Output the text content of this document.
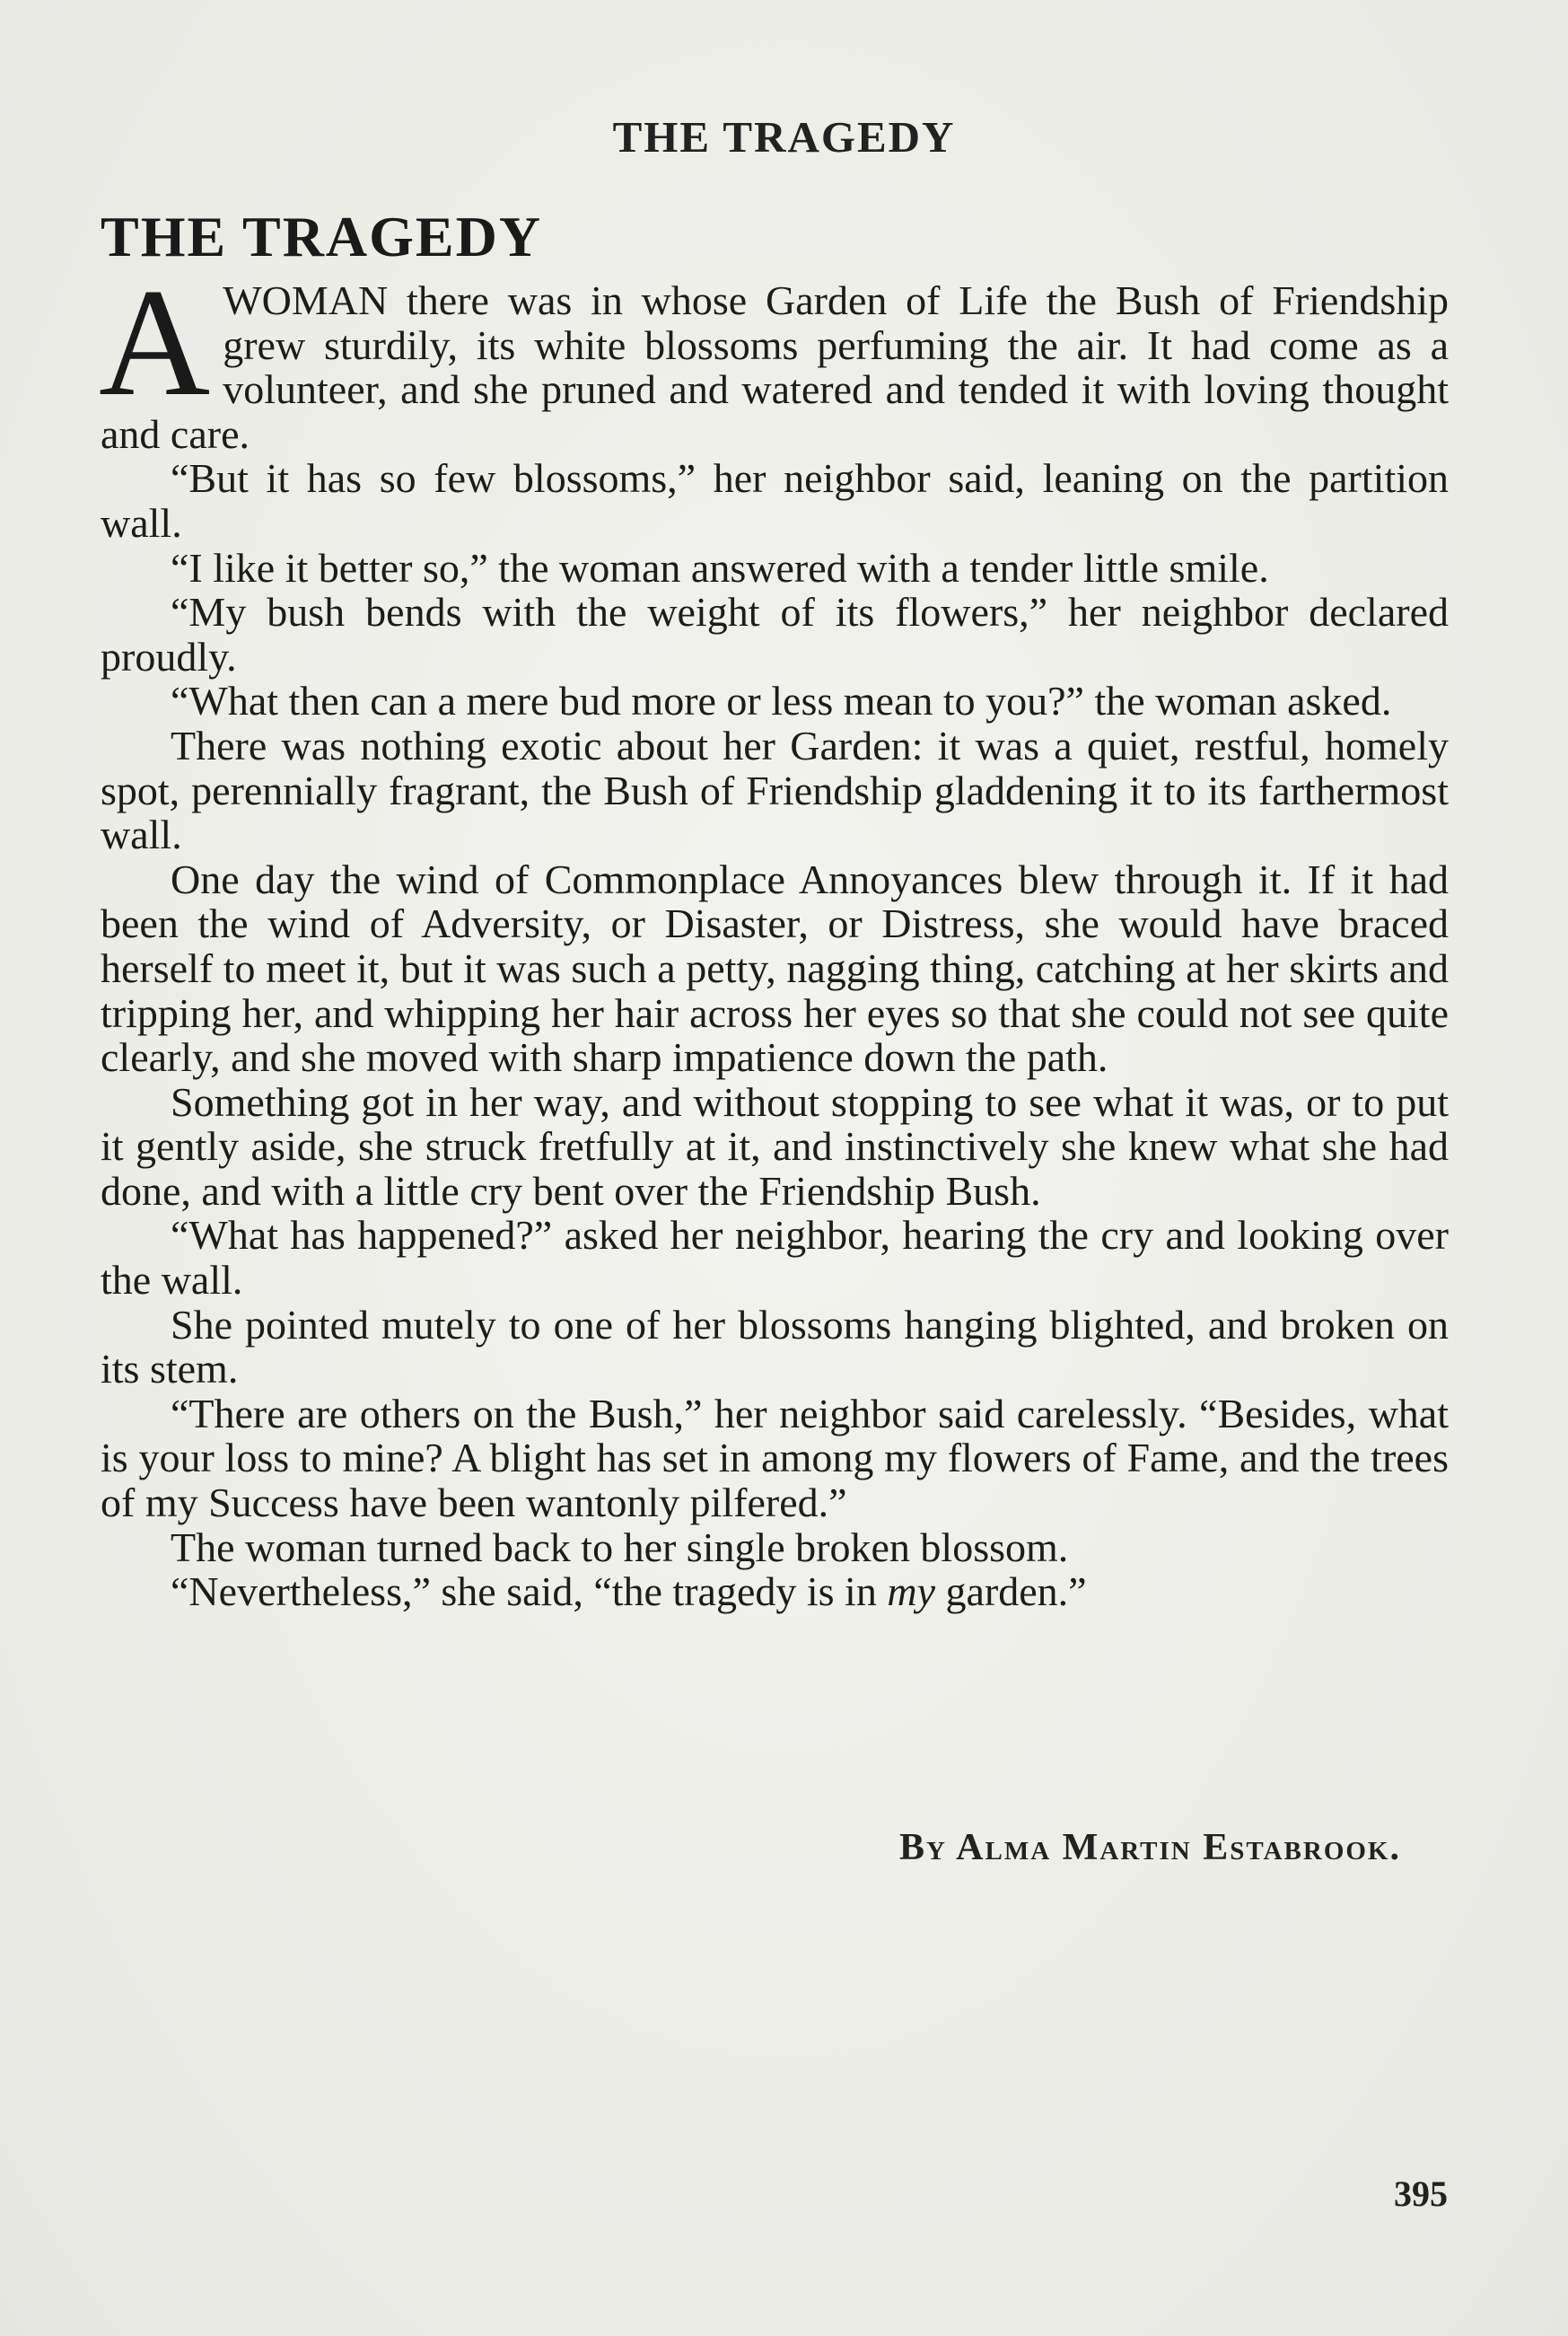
THE TRAGEDY
THE TRAGEDY

AWOMAN there was in whose Garden of Life the Bush of Friendship grew sturdily, its white blossoms perfuming the air. It had come as a volunteer, and she pruned and watered and tended it with loving thought and care.

“But it has so few blossoms,” her neighbor said, leaning on the partition wall.

“I like it better so,” the woman answered with a tender little smile.

“My bush bends with the weight of its flowers,” her neighbor declared proudly.

“What then can a mere bud more or less mean to you?” the woman asked.

There was nothing exotic about her Garden: it was a quiet, restful, homely spot, perennially fragrant, the Bush of Friendship gladdening it to its farthermost wall.

One day the wind of Commonplace Annoyances blew through it. If it had been the wind of Adversity, or Disaster, or Distress, she would have braced herself to meet it, but it was such a petty, nagging thing, catching at her skirts and tripping her, and whipping her hair across her eyes so that she could not see quite clearly, and she moved with sharp impatience down the path.

Something got in her way, and without stopping to see what it was, or to put it gently aside, she struck fretfully at it, and instinctively she knew what she had done, and with a little cry bent over the Friendship Bush.

“What has happened?” asked her neighbor, hearing the cry and looking over the wall.

She pointed mutely to one of her blossoms hanging blighted, and broken on its stem.

“There are others on the Bush,” her neighbor said carelessly. “Besides, what is your loss to mine? A blight has set in among my flowers of Fame, and the trees of my Success have been wantonly pilfered.”

The woman turned back to her single broken blossom.

“Nevertheless,” she said, “the tragedy is in my garden.”

By Alma Martin Estabrook.
395
